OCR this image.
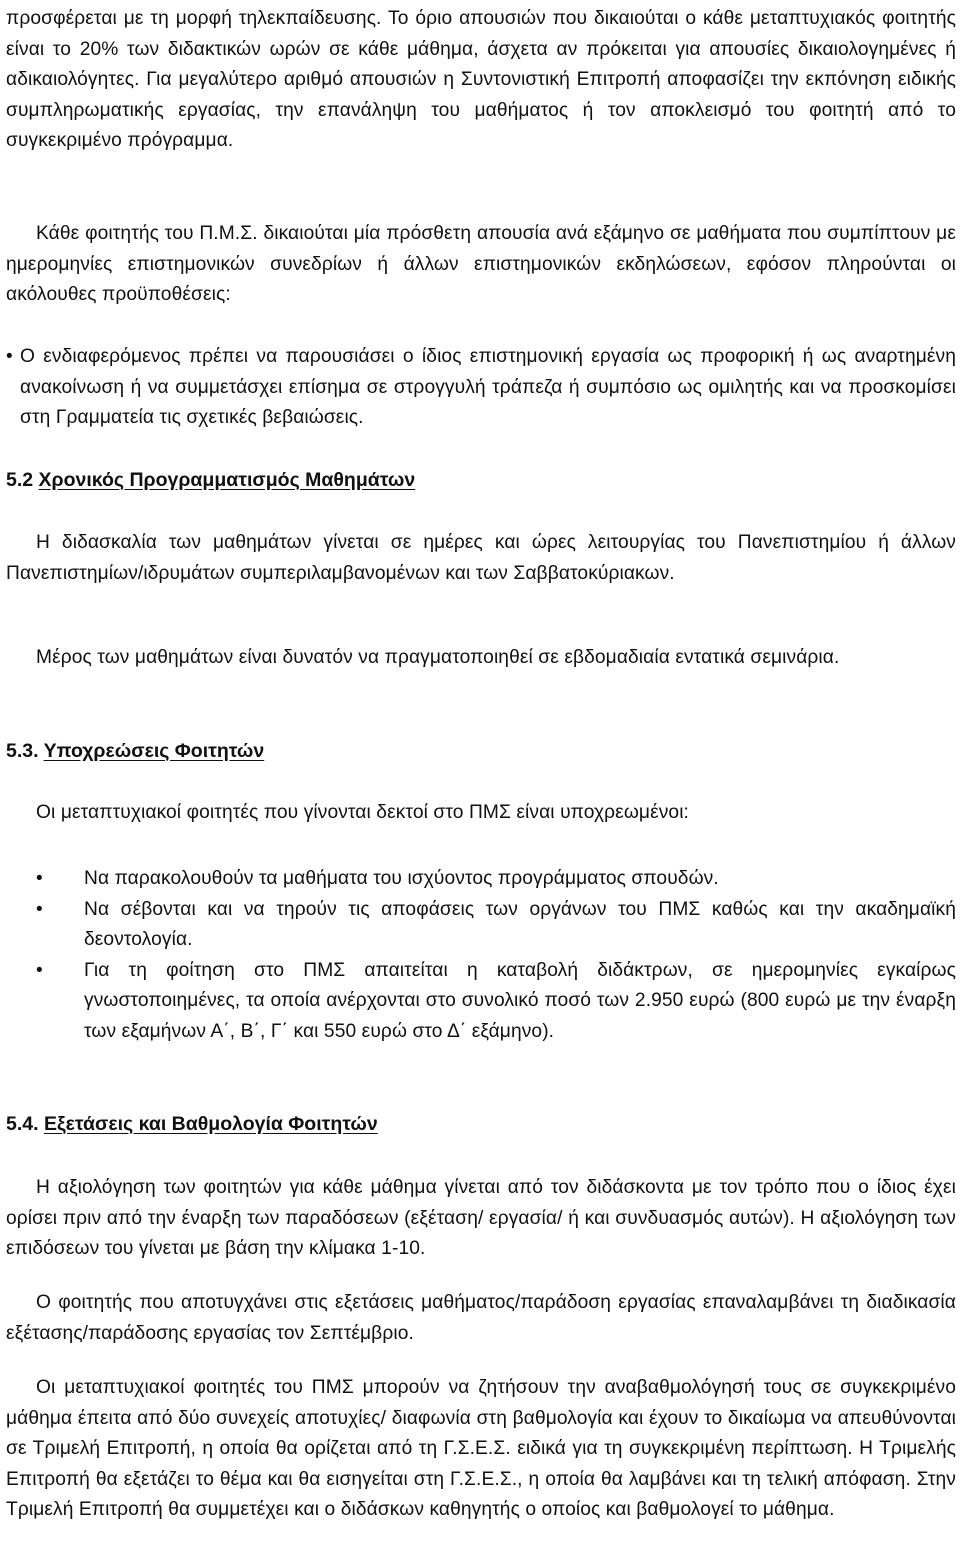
προσφέρεται με τη μορφή τηλεκπαίδευσης. Το όριο απουσιών που δικαιούται ο κάθε μεταπτυχιακός φοιτητής είναι το 20% των διδακτικών ωρών σε κάθε μάθημα, άσχετα αν πρόκειται για απουσίες δικαιολογημένες ή αδικαιολόγητες. Για μεγαλύτερο αριθμό απουσιών η Συντονιστική Επιτροπή αποφασίζει την εκπόνηση ειδικής συμπληρωματικής εργασίας, την επανάληψη του μαθήματος ή τον αποκλεισμό του φοιτητή από το συγκεκριμένο πρόγραμμα.

Κάθε φοιτητής του Π.Μ.Σ. δικαιούται μία πρόσθετη απουσία ανά εξάμηνο σε μαθήματα που συμπίπτουν με ημερομηνίες επιστημονικών συνεδρίων ή άλλων επιστημονικών εκδηλώσεων, εφόσον πληρούνται οι ακόλουθες προϋποθέσεις:

• Ο ενδιαφερόμενος πρέπει να παρουσιάσει ο ίδιος επιστημονική εργασία ως προφορική ή ως αναρτημένη ανακοίνωση ή να συμμετάσχει επίσημα σε στρογγυλή τράπεζα ή συμπόσιο ως ομιλητής και να προσκομίσει στη Γραμματεία τις σχετικές βεβαιώσεις.

5.2 Χρονικός Προγραμματισμός Μαθημάτων

Η διδασκαλία των μαθημάτων γίνεται σε ημέρες και ώρες λειτουργίας του Πανεπιστημίου ή άλλων Πανεπιστημίων/ιδρυμάτων συμπεριλαμβανομένων και των Σαββατοκύριακων.

Μέρος των μαθημάτων είναι δυνατόν να πραγματοποιηθεί σε εβδομαδιαία εντατικά σεμινάρια.

5.3. Υποχρεώσεις Φοιτητών

Οι μεταπτυχιακοί φοιτητές που γίνονται δεκτοί στο ΠΜΣ είναι υποχρεωμένοι:

• Να παρακολουθούν τα μαθήματα του ισχύοντος προγράμματος σπουδών.

• Να σέβονται και να τηρούν τις αποφάσεις των οργάνων του ΠΜΣ καθώς και την ακαδημαϊκή δεοντολογία.

• Για τη φοίτηση στο ΠΜΣ απαιτείται η καταβολή διδάκτρων, σε ημερομηνίες εγκαίρως γνωστοποιημένες, τα οποία ανέρχονται στο συνολικό ποσό των 2.950 ευρώ (800 ευρώ με την έναρξη των εξαμήνων Α΄, Β΄, Γ΄ και 550 ευρώ στο Δ΄ εξάμηνο).

5.4. Εξετάσεις και Βαθμολογία Φοιτητών

Η αξιολόγηση των φοιτητών για κάθε μάθημα γίνεται από τον διδάσκοντα με τον τρόπο που ο ίδιος έχει ορίσει πριν από την έναρξη των παραδόσεων (εξέταση/ εργασία/ ή και συνδυασμός αυτών). Η αξιολόγηση των επιδόσεων του γίνεται με βάση την κλίμακα 1-10.

Ο φοιτητής που αποτυγχάνει στις εξετάσεις μαθήματος/παράδοση εργασίας επαναλαμβάνει τη διαδικασία εξέτασης/παράδοσης εργασίας τον Σεπτέμβριο.

Οι μεταπτυχιακοί φοιτητές του ΠΜΣ μπορούν να ζητήσουν την αναβαθμολόγησή τους σε συγκεκριμένο μάθημα έπειτα από δύο συνεχείς αποτυχίες/ διαφωνία στη βαθμολογία και έχουν το δικαίωμα να απευθύνονται σε Τριμελή Επιτροπή, η οποία θα ορίζεται από τη Γ.Σ.Ε.Σ. ειδικά για τη συγκεκριμένη περίπτωση. Η Τριμελής Επιτροπή θα εξετάζει το θέμα και θα εισηγείται στη Γ.Σ.Ε.Σ., η οποία θα λαμβάνει και τη τελική απόφαση. Στην Τριμελή Επιτροπή θα συμμετέχει και ο διδάσκων καθηγητής ο οποίος και βαθμολογεί το μάθημα.
